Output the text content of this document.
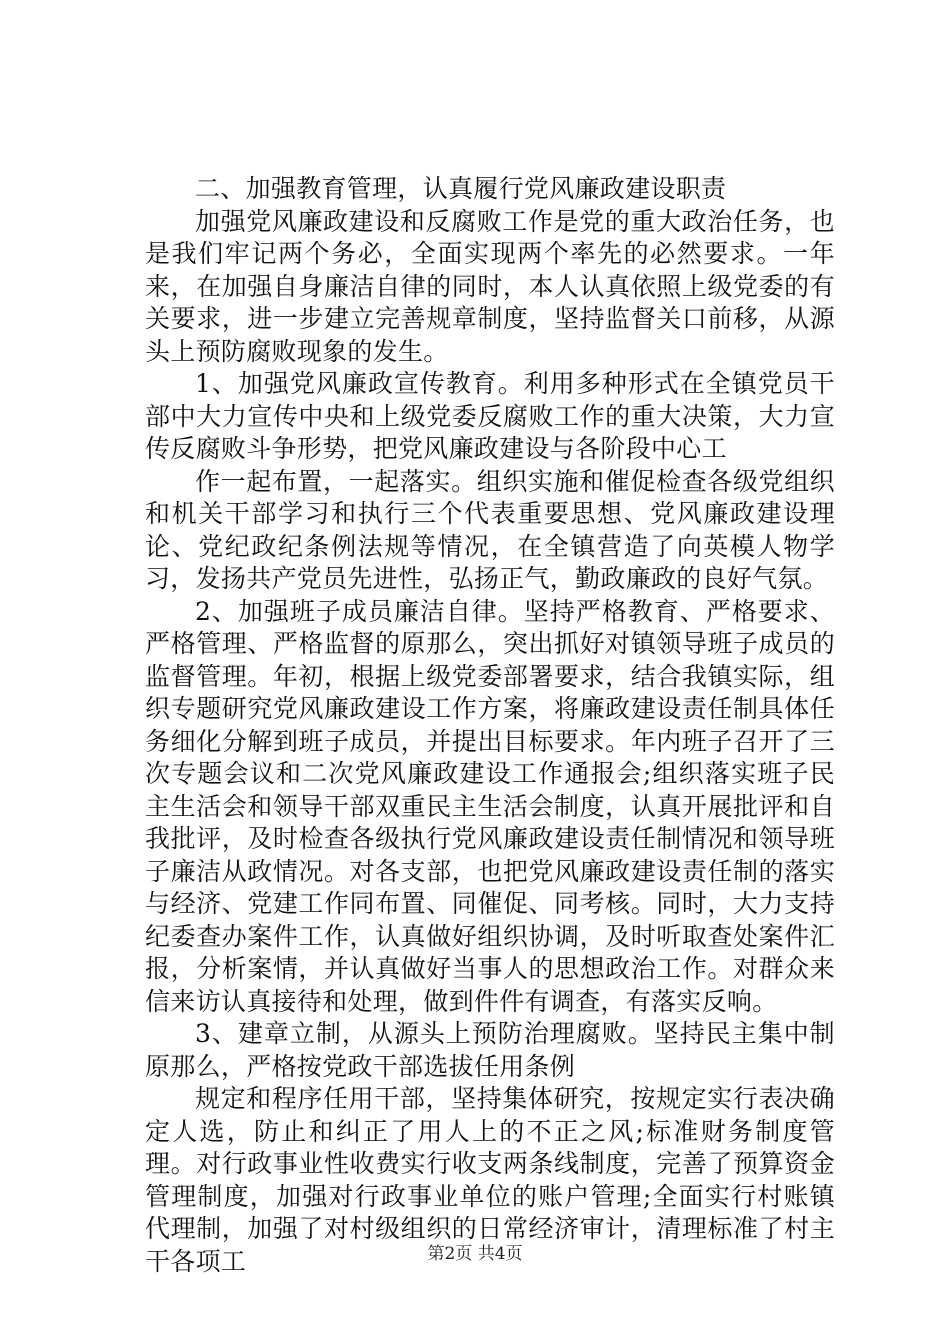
二、加强教育管理，认真履行党风廉政建设职责

加强党风廉政建设和反腐败工作是党的重大政治任务，也是我们牢记两个务必，全面实现两个率先的必然要求。一年来，在加强自身廉洁自律的同时，本人认真依照上级党委的有关要求，进一步建立完善规章制度，坚持监督关口前移，从源头上预防腐败现象的发生。

1、加强党风廉政宣传教育。利用多种形式在全镇党员干部中大力宣传中央和上级党委反腐败工作的重大决策，大力宣传反腐败斗争形势，把党风廉政建设与各阶段中心工

作一起布置，一起落实。组织实施和催促检查各级党组织和机关干部学习和执行三个代表重要思想、党风廉政建设理论、党纪政纪条例法规等情况，在全镇营造了向英模人物学习，发扬共产党员先进性，弘扬正气，勤政廉政的良好气氛。

2、加强班子成员廉洁自律。坚持严格教育、严格要求、严格管理、严格监督的原那么，突出抓好对镇领导班子成员的监督管理。年初，根据上级党委部署要求，结合我镇实际，组织专题研究党风廉政建设工作方案，将廉政建设责任制具体任务细化分解到班子成员，并提出目标要求。年内班子召开了三次专题会议和二次党风廉政建设工作通报会;组织落实班子民主生活会和领导干部双重民主生活会制度，认真开展批评和自我批评，及时检查各级执行党风廉政建设责任制情况和领导班子廉洁从政情况。对各支部，也把党风廉政建设责任制的落实与经济、党建工作同布置、同催促、同考核。同时，大力支持纪委查办案件工作，认真做好组织协调，及时听取查处案件汇报，分析案情，并认真做好当事人的思想政治工作。对群众来信来访认真接待和处理，做到件件有调查，有落实反响。

3、建章立制，从源头上预防治理腐败。坚持民主集中制原那么，严格按党政干部选拔任用条例

规定和程序任用干部，坚持集体研究，按规定实行表决确定人选，防止和纠正了用人上的不正之风;标准财务制度管理。对行政事业性收费实行收支两条线制度，完善了预算资金管理制度，加强对行政事业单位的账户管理;全面实行村账镇代理制，加强了对村级组织的日常经济审计，清理标准了村主干各项工	第2页 共4页
